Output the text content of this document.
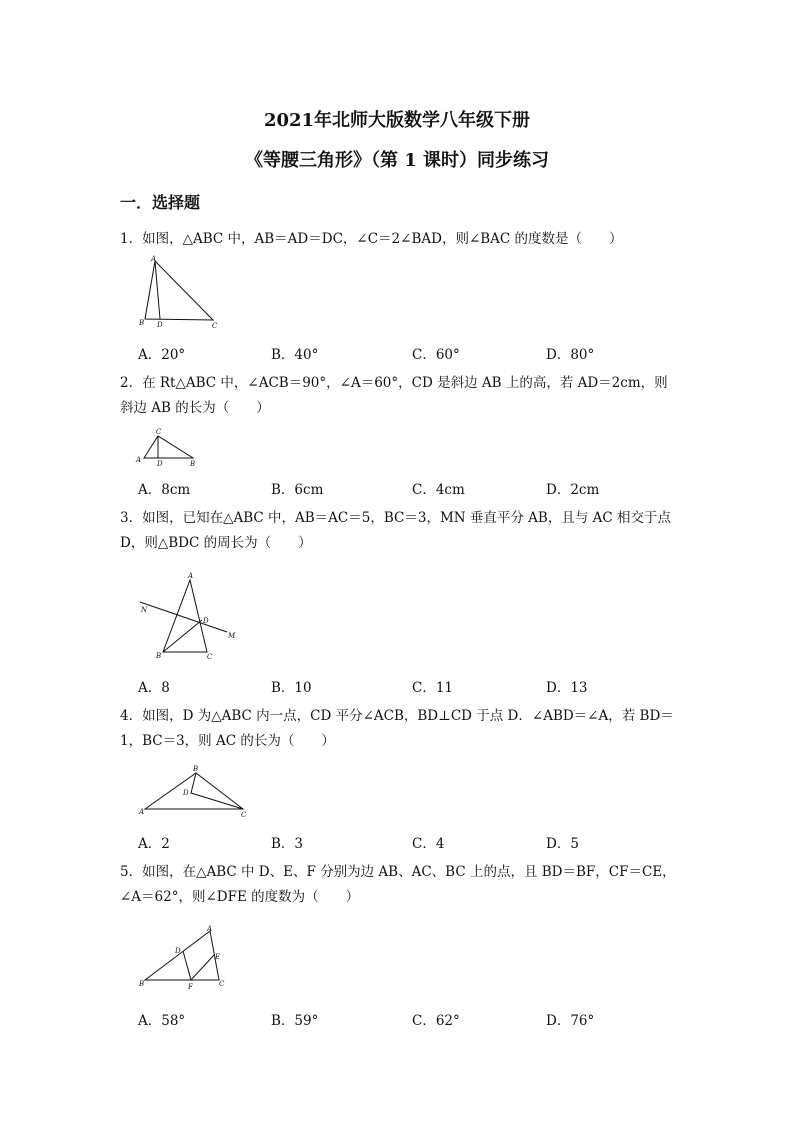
2021年北师大版数学八年级下册
《等腰三角形》（第 1 课时）同步练习
一．选择题
1．如图，△ABC 中，AB＝AD＝DC，∠C＝2∠BAD，则∠BAC 的度数是（　　）
A
B D	C
A．20°	B．40°	C．60°	D．80°
2．在 Rt△ABC 中，∠ACB＝90°，∠A＝60°，CD 是斜边 AB 上的高，若 AD＝2cm，则斜边 AB 的长为（　　）
C
A D	B
A．8cm	B．6cm	C．4cm	D．2cm
3．如图，已知在△ABC 中，AB＝AC＝5，BC＝3，MN 垂直平分 AB，且与 AC 相交于点 D，则△BDC 的周长为（　　）
A
N
D
M
B	C
A．8	B．10	C．11	D．13
4．如图，D 为△ABC 内一点，CD 平分∠ACB，BD⊥CD 于点 D．∠ABD＝∠A，若 BD＝1，BC＝3，则 AC 的长为（　　）
B
D
A	C
A．2	B．3	C．4	D．5
5．如图，在△ABC 中 D、E、F 分别为边 AB、AC、BC 上的点，且 BD＝BF，CF＝CE，∠A＝62°，则∠DFE 的度数为（　　）
A
D
E
B	F	C
A．58°	B．59°	C．62°	D．76°
